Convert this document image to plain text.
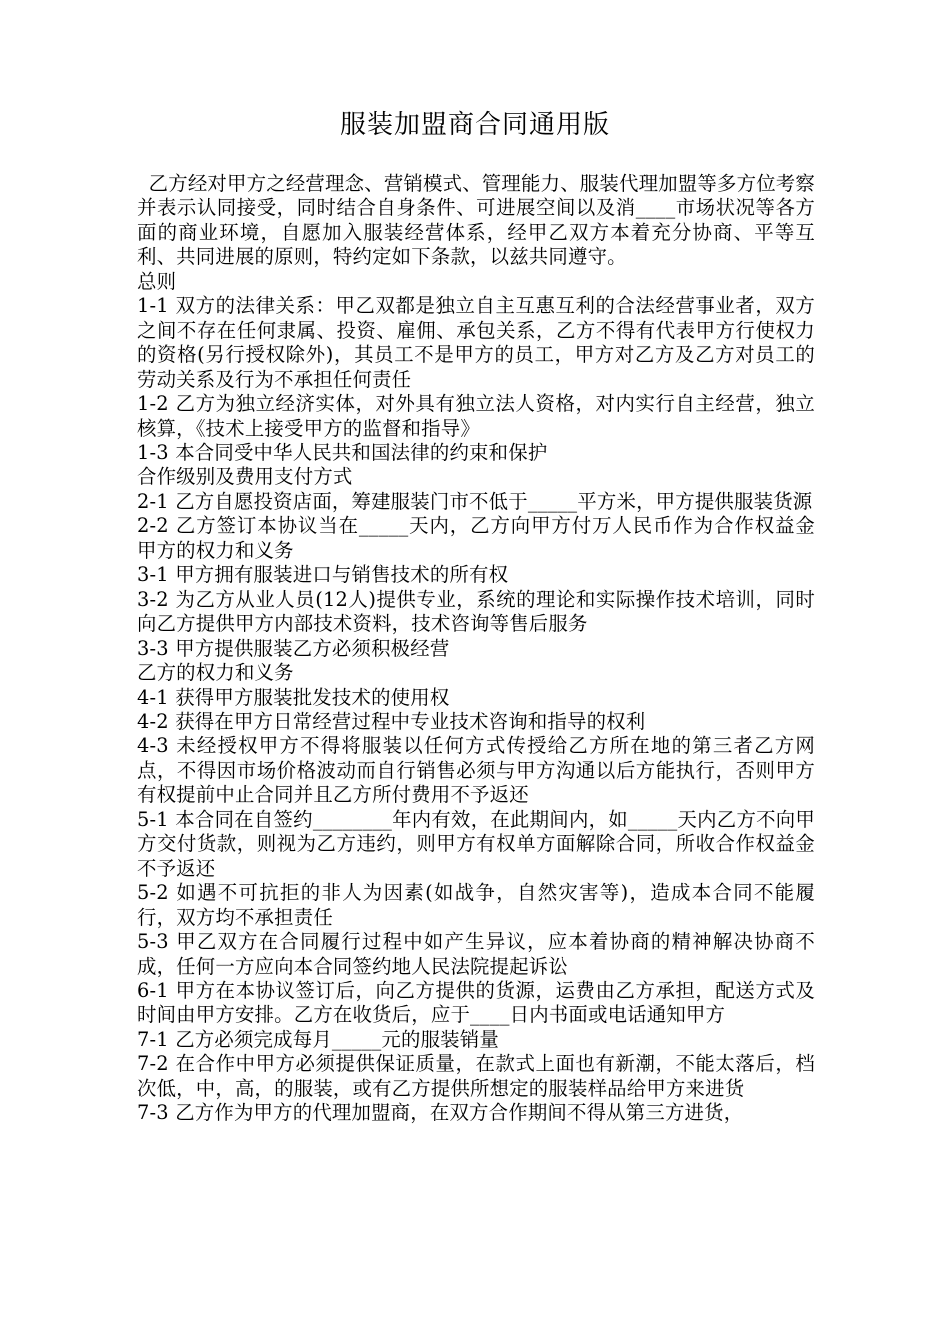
服装加盟商合同通用版

乙方经对甲方之经营理念、营销模式、管理能力、服装代理加盟等多方位考察并表示认同接受，同时结合自身条件、可进展空间以及消____市场状况等各方面的商业环境，自愿加入服装经营体系，经甲乙双方本着充分协商、平等互利、共同进展的原则，特约定如下条款，以兹共同遵守。

总则

1-1 双方的法律关系：甲乙双都是独立自主互惠互利的合法经营事业者，双方之间不存在任何隶属、投资、雇佣、承包关系，乙方不得有代表甲方行使权力的资格(另行授权除外)，其员工不是甲方的员工，甲方对乙方及乙方对员工的劳动关系及行为不承担任何责任

1-2 乙方为独立经济实体，对外具有独立法人资格，对内实行自主经营，独立核算，《技术上接受甲方的监督和指导》

1-3 本合同受中华人民共和国法律的约束和保护

合作级别及费用支付方式

2-1 乙方自愿投资店面，筹建服装门市不低于_____平方米，甲方提供服装货源

2-2 乙方签订本协议当在_____天内，乙方向甲方付万人民币作为合作权益金 甲方的权力和义务

3-1 甲方拥有服装进口与销售技术的所有权

3-2 为乙方从业人员(12人)提供专业，系统的理论和实际操作技术培训，同时向乙方提供甲方内部技术资料，技术咨询等售后服务

3-3 甲方提供服装乙方必须积极经营

乙方的权力和义务

4-1 获得甲方服装批发技术的使用权

4-2 获得在甲方日常经营过程中专业技术咨询和指导的权利

4-3 未经授权甲方不得将服装以任何方式传授给乙方所在地的第三者乙方网点，不得因市场价格波动而自行销售必须与甲方沟通以后方能执行，否则甲方有权提前中止合同并且乙方所付费用不予返还

5-1 本合同在自签约________年内有效，在此期间内，如_____天内乙方不向甲方交付货款，则视为乙方违约，则甲方有权单方面解除合同，所收合作权益金不予返还

5-2 如遇不可抗拒的非人为因素(如战争，自然灾害等)，造成本合同不能履行，双方均不承担责任

5-3 甲乙双方在合同履行过程中如产生异议，应本着协商的精神解决协商不成，任何一方应向本合同签约地人民法院提起诉讼

6-1 甲方在本协议签订后，向乙方提供的货源，运费由乙方承担，配送方式及时间由甲方安排。乙方在收货后，应于____日内书面或电话通知甲方

7-1 乙方必须完成每月_____元的服装销量

7-2 在合作中甲方必须提供保证质量，在款式上面也有新潮，不能太落后，档次低，中，高，的服装，或有乙方提供所想定的服装样品给甲方来进货

7-3 乙方作为甲方的代理加盟商，在双方合作期间不得从第三方进货，
